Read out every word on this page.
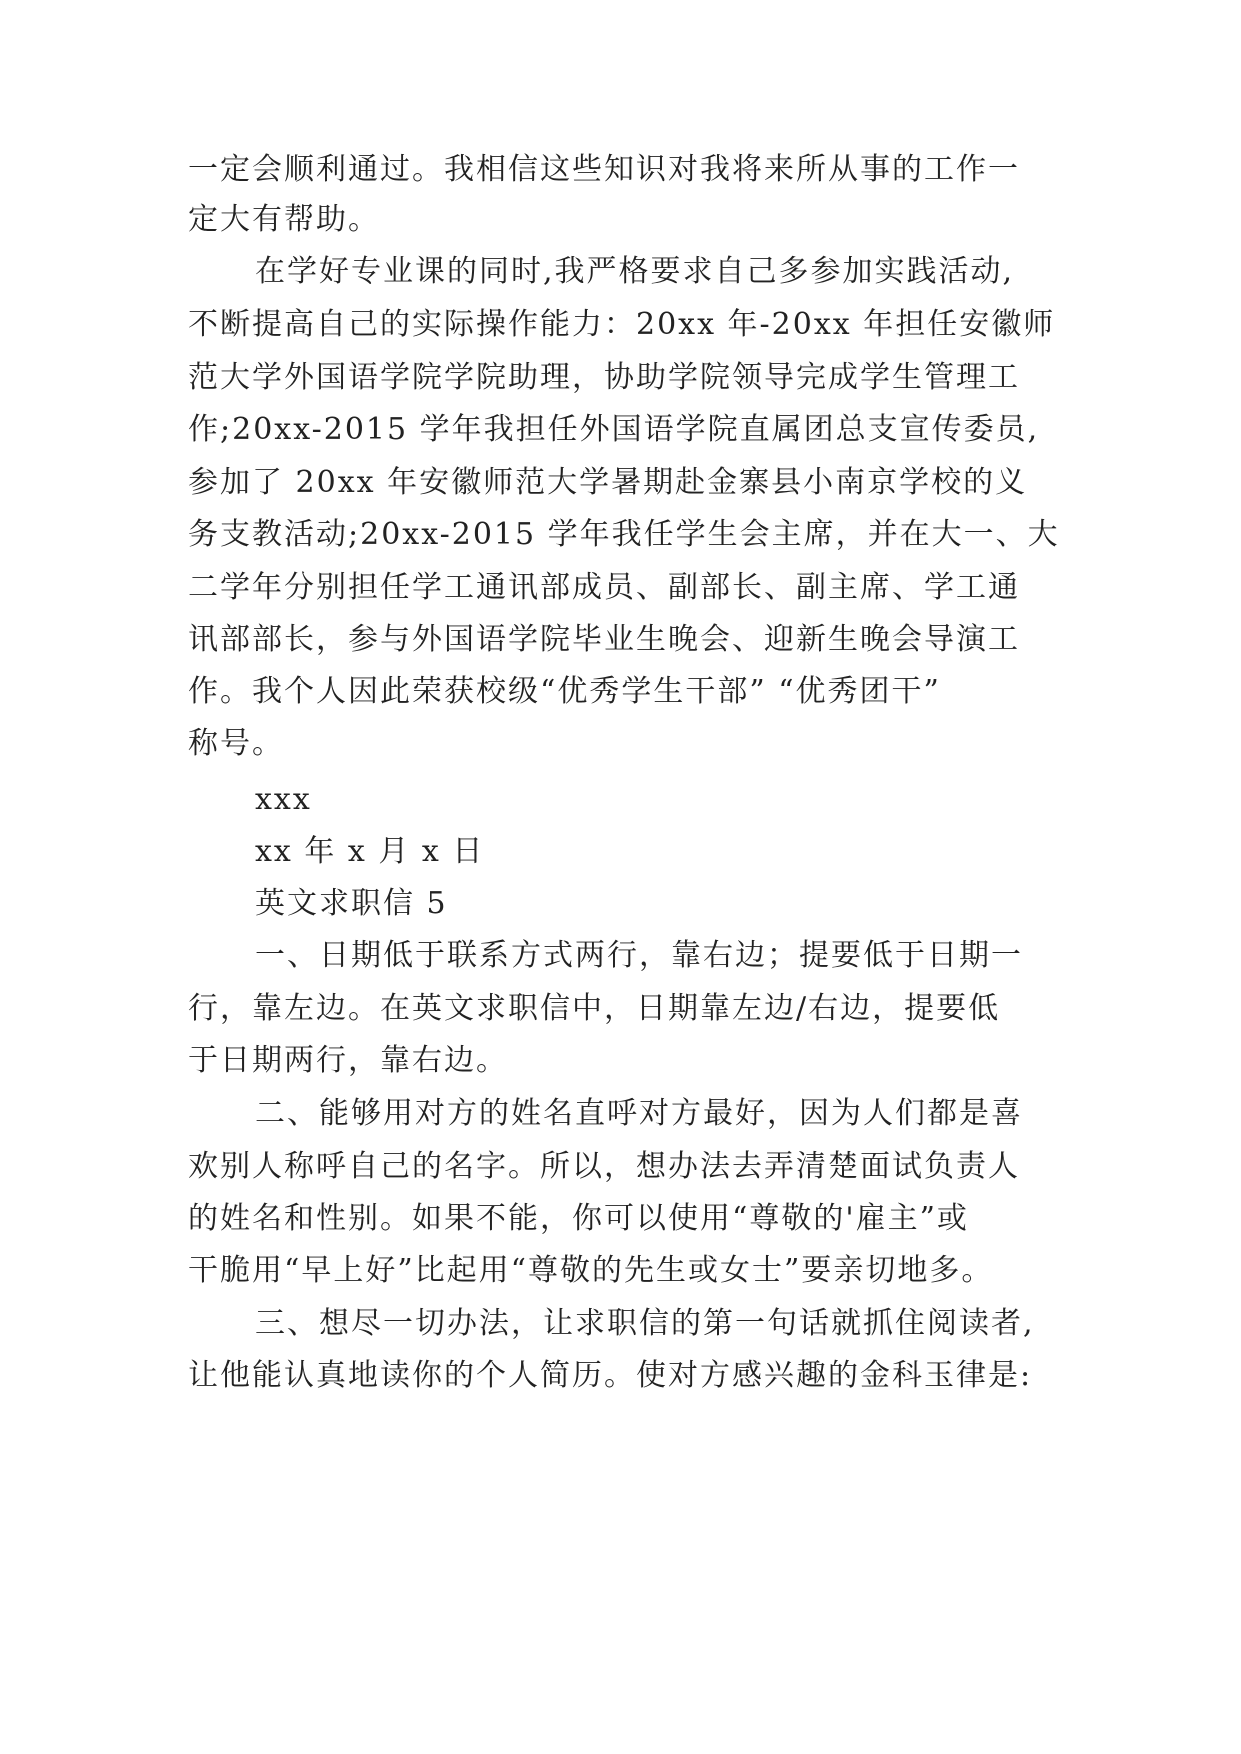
一定会顺利通过。我相信这些知识对我将来所从事的工作一
定大有帮助。
在学好专业课的同时,我严格要求自己多参加实践活动,
不断提高自己的实际操作能力：20xx 年-20xx 年担任安徽师
范大学外国语学院学院助理，协助学院领导完成学生管理工
作;20xx-2015 学年我担任外国语学院直属团总支宣传委员,
参加了 20xx 年安徽师范大学暑期赴金寨县小南京学校的义
务支教活动;20xx-2015 学年我任学生会主席，并在大一、大
二学年分别担任学工通讯部成员、副部长、副主席、学工通
讯部部长，参与外国语学院毕业生晚会、迎新生晚会导演工
作。我个人因此荣获校级“优秀学生干部” “优秀团干”
称号。
xxx
xx 年 x 月 x 日
英文求职信 5
一、日期低于联系方式两行，靠右边；提要低于日期一
行，靠左边。在英文求职信中，日期靠左边/右边，提要低
于日期两行，靠右边。
二、能够用对方的姓名直呼对方最好，因为人们都是喜
欢别人称呼自己的名字。所以，想办法去弄清楚面试负责人
的姓名和性别。如果不能，你可以使用“尊敬的'雇主”或
干脆用“早上好”比起用“尊敬的先生或女士”要亲切地多。
三、想尽一切办法，让求职信的第一句话就抓住阅读者,
让他能认真地读你的个人简历。使对方感兴趣的金科玉律是:
